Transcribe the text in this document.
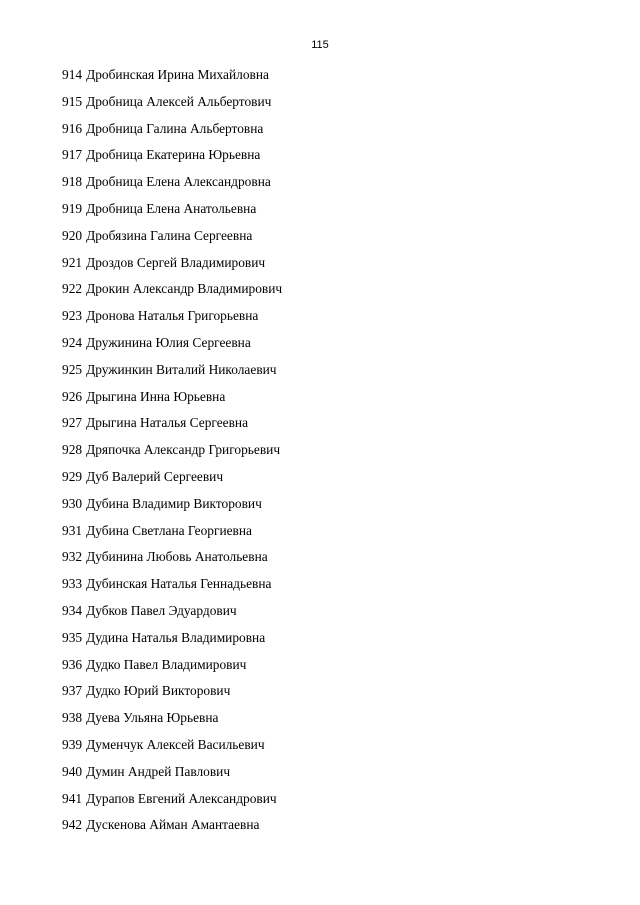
115
914 Дробинская Ирина Михайловна
915 Дробница Алексей Альбертович
916 Дробница Галина Альбертовна
917 Дробница Екатерина Юрьевна
918 Дробница Елена Александровна
919 Дробница Елена Анатольевна
920 Дробязина Галина Сергеевна
921 Дроздов Сергей Владимирович
922 Дрокин Александр Владимирович
923 Дронова Наталья Григорьевна
924 Дружинина Юлия Сергеевна
925 Дружинкин Виталий Николаевич
926 Дрыгина Инна Юрьевна
927 Дрыгина Наталья Сергеевна
928 Дряпочка Александр Григорьевич
929 Дуб Валерий Сергеевич
930 Дубина Владимир Викторович
931 Дубина Светлана Георгиевна
932 Дубинина Любовь Анатольевна
933 Дубинская Наталья Геннадьевна
934 Дубков Павел Эдуардович
935 Дудина Наталья Владимировна
936 Дудко Павел Владимирович
937 Дудко Юрий Викторович
938 Дуева Ульяна Юрьевна
939 Думенчук Алексей Васильевич
940 Думин Андрей Павлович
941 Дурапов Евгений Александрович
942 Дускенова Айман Амантаевна
